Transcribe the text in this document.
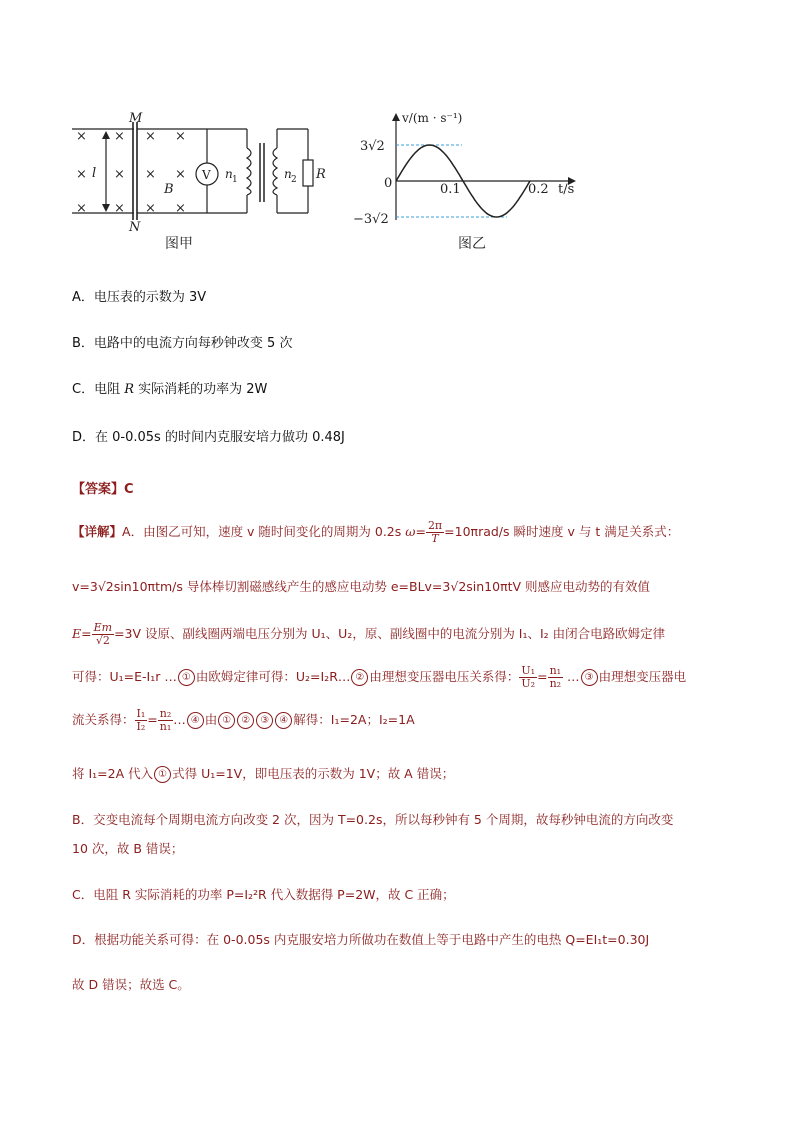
×
×
×
×
×
×
×
×
×
×
×
×
l
M
N
B
V n 1	n 2 R
图甲
v/(m · s⁻¹)
3√2
0
−3√2
0.1	0.2 t/s
图乙
A．电压表的示数为 3V
B．电路中的电流方向每秒钟改变 5 次
C．电阻 R 实际消耗的功率为 2W
D．在 0-0.05s 的时间内克服安培力做功 0.48J
【答案】C
【详解】A．由图乙可知，速度 v 随时间变化的周期为 0.2s $\omega= \frac{2\pi}{T} =10\pi rad/s$ 瞬时速度 v 与 t 满足关系式：
v=3√2sin10πtm/s 导体棒切割磁感线产生的感应电动势 e=BLv=3√2sin10πtV 则感应电动势的有效值
$E= \frac{Em}{√2} =3V$ 设原、副线圈两端电压分别为 U₁、U₂，原、副线圈中的电流分别为 I₁、I₂ 由闭合电路欧姆定律
可得：U₁=E-I₁r … ① 由欧姆定律可得：U₂=I₂R… ② 由理想变压器电压关系得： $\frac{\text{U₁}}{\text{U₂}} = \frac{\text{n₁}}{\text{n₂}}$ … ③ 由理想变压器电
流关系得： $\frac{\text{I₁}}{\text{I₂}} = \frac{\text{n₂}}{\text{n₁}}$ … ④ 由 ① ② ③ ④ 解得：I₁=2A；I₂=1A
将 I₁=2A 代入 ① 式得 U₁=1V，即电压表的示数为 1V；故 A 错误；
B．交变电流每个周期电流方向改变 2 次，因为 T=0.2s，所以每秒钟有 5 个周期，故每秒钟电流的方向改变
10 次，故 B 错误；
C．电阻 R 实际消耗的功率 P=I₂²R 代入数据得 P=2W，故 C 正确；
D．根据功能关系可得：在 0-0.05s 内克服安培力所做功在数值上等于电路中产生的电热 Q=EI₁t=0.30J
故 D 错误；故选 C。
